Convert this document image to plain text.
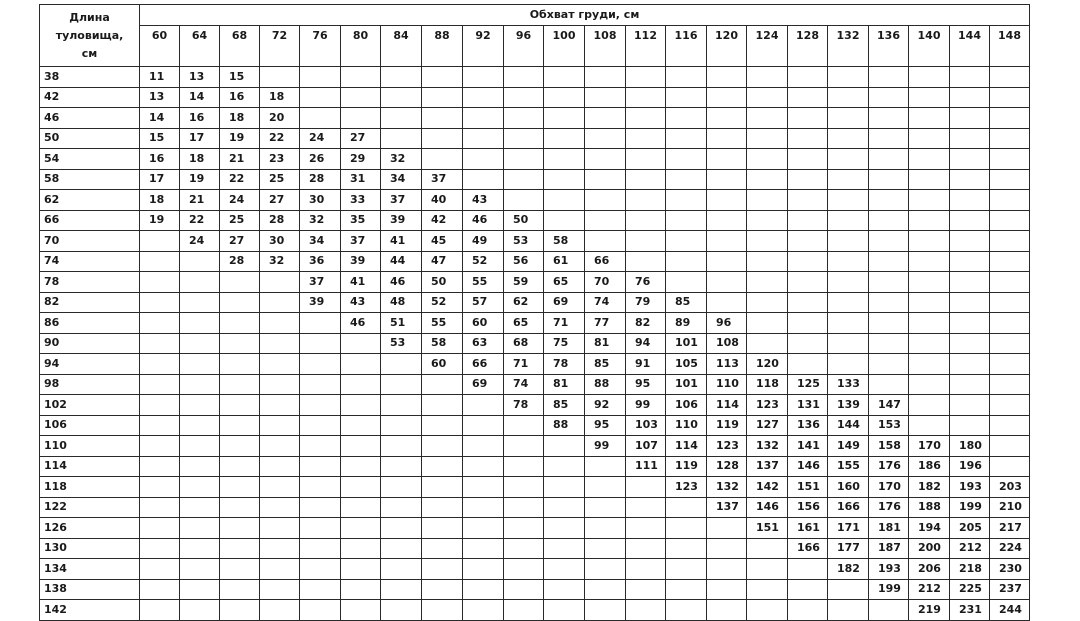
Длина
туловища,
см	Обхват груди, см																					
	60	64	68	72	76	80	84	88	92	96	100	108	112	116	120	124	128	132	136	140	144	148
38	11	13	15																			
42	13	14	16	18																		
46	14	16	18	20																		
50	15	17	19	22	24	27																
54	16	18	21	23	26	29	32															
58	17	19	22	25	28	31	34	37														
62	18	21	24	27	30	33	37	40	43													
66	19	22	25	28	32	35	39	42	46	50												
70		24	27	30	34	37	41	45	49	53	58											
74			28	32	36	39	44	47	52	56	61	66										
78					37	41	46	50	55	59	65	70	76									
82					39	43	48	52	57	62	69	74	79	85								
86						46	51	55	60	65	71	77	82	89	96							
90							53	58	63	68	75	81	94	101	108							
94								60	66	71	78	85	91	105	113	120						
98									69	74	81	88	95	101	110	118	125	133				
102										78	85	92	99	106	114	123	131	139	147			
106											88	95	103	110	119	127	136	144	153			
110												99	107	114	123	132	141	149	158	170	180	
114													111	119	128	137	146	155	176	186	196	
118														123	132	142	151	160	170	182	193	203
122															137	146	156	166	176	188	199	210
126																151	161	171	181	194	205	217
130																	166	177	187	200	212	224
134																		182	193	206	218	230
138																			199	212	225	237
142																				219	231	244
